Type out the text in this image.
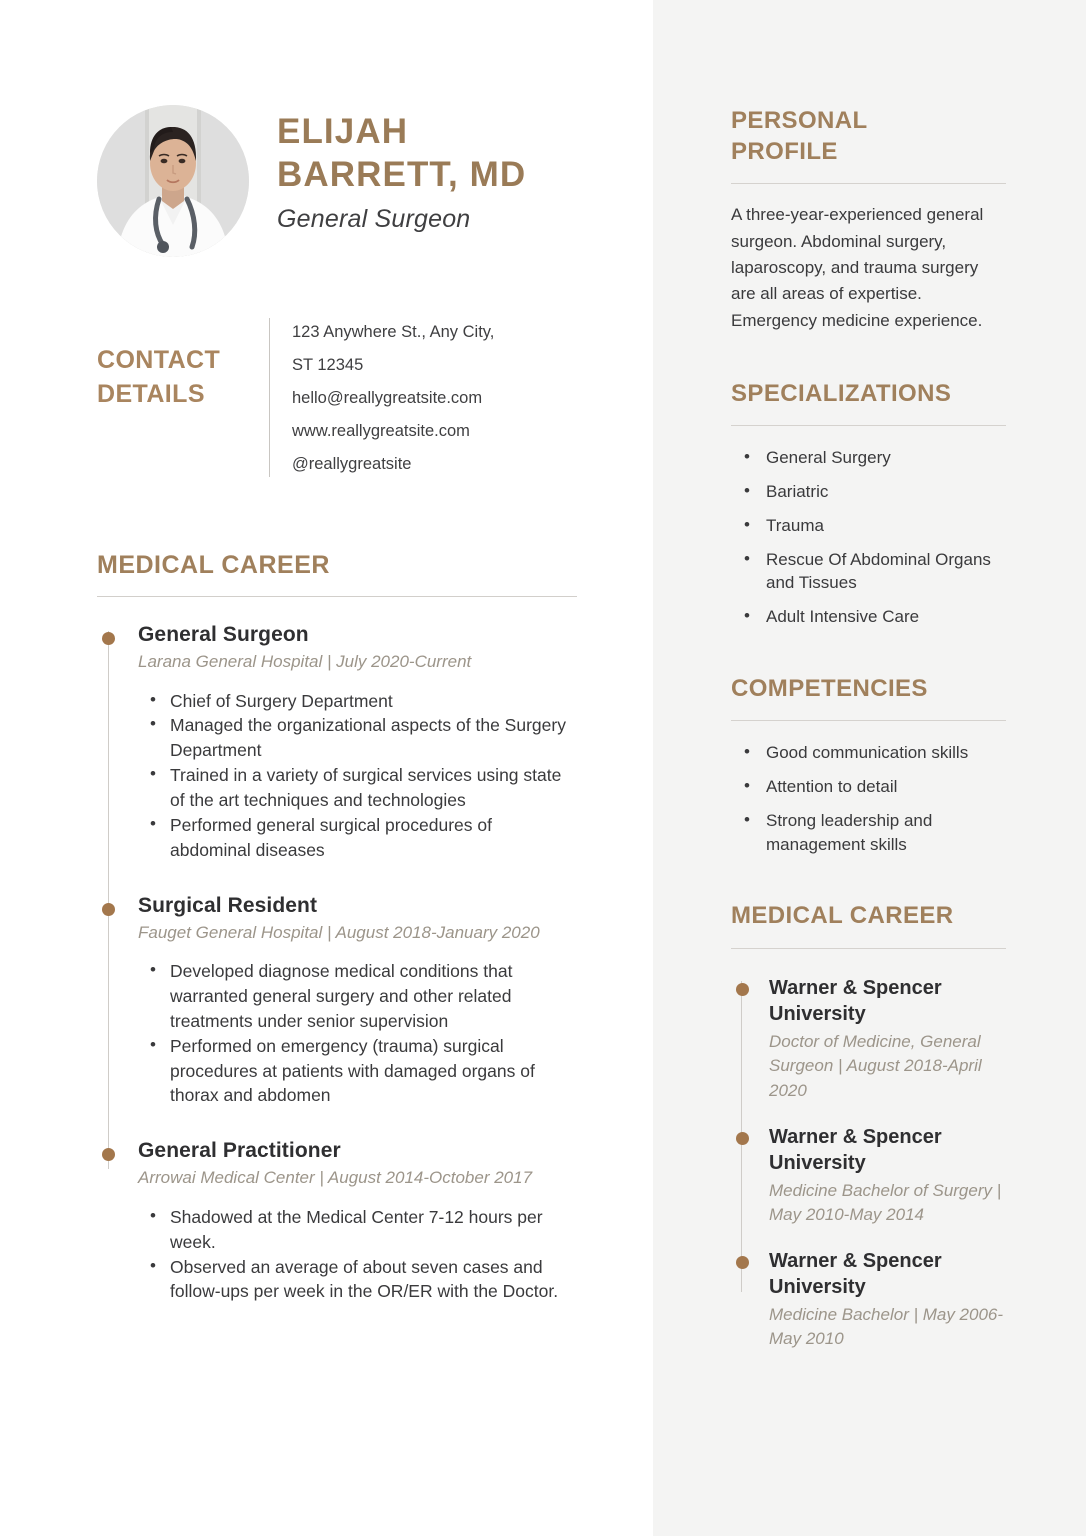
ELIJAH
BARRETT, MD
General Surgeon
CONTACT
DETAILS
123 Anywhere St., Any City,
ST 12345
hello@reallygreatsite.com
www.reallygreatsite.com
@reallygreatsite
MEDICAL CAREER
General Surgeon
Larana General Hospital | July 2020-Current
• Chief of Surgery Department
• Managed the organizational aspects of the Surgery Department
• Trained in a variety of surgical services using state of the art techniques and technologies
• Performed general surgical procedures of abdominal diseases
Surgical Resident
Fauget General Hospital | August 2018-January 2020
• Developed diagnose medical conditions that warranted general surgery and other related treatments under senior supervision
• Performed on emergency (trauma) surgical procedures at patients with damaged organs of thorax and abdomen
General Practitioner
Arrowai Medical Center | August 2014-October 2017
• Shadowed at the Medical Center 7-12 hours per week.
• Observed an average of about seven cases and follow-ups per week in the OR/ER with the Doctor.
PERSONAL
PROFILE
A three-year-experienced general surgeon. Abdominal surgery, laparoscopy, and trauma surgery are all areas of expertise. Emergency medicine experience.
SPECIALIZATIONS
• General Surgery
• Bariatric
• Trauma
• Rescue Of Abdominal Organs and Tissues
• Adult Intensive Care
COMPETENCIES
• Good communication skills
• Attention to detail
• Strong leadership and management skills
MEDICAL CAREER
Warner & Spencer University
Doctor of Medicine, General Surgeon | August 2018-April 2020
Warner & Spencer University
Medicine Bachelor of Surgery | May 2010-May 2014
Warner & Spencer University
Medicine Bachelor | May 2006-May 2010
